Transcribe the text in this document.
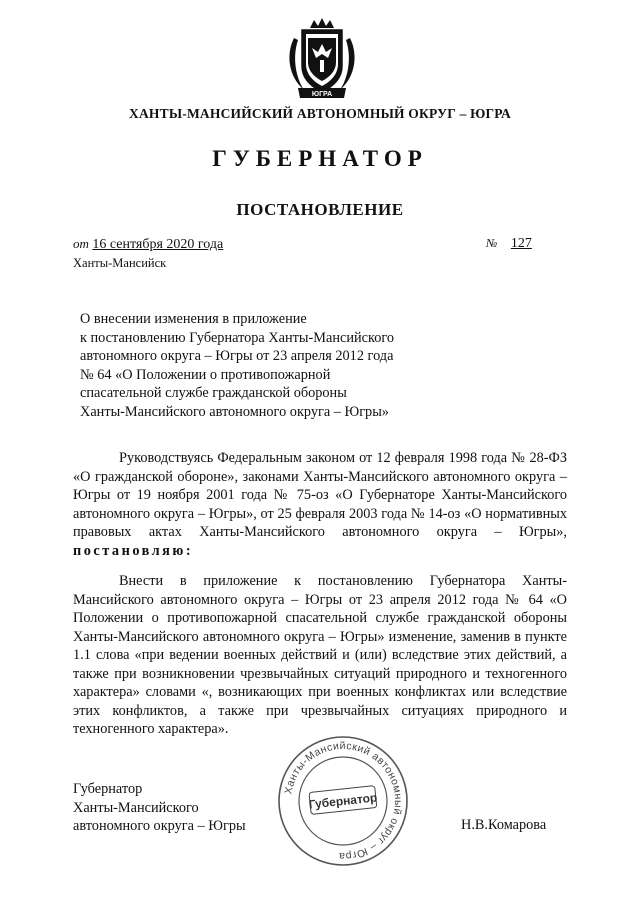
ЮГРА
ХАНТЫ-МАНСИЙСКИЙ АВТОНОМНЫЙ ОКРУГ – ЮГРА
ГУБЕРНАТОР
ПОСТАНОВЛЕНИЕ
от 16 сентября 2020 года
Ханты-Мансийск
№ 127
О внесении изменения в приложение
к постановлению Губернатора Ханты-Мансийского
автономного округа – Югры от 23 апреля 2012 года
№ 64 «О Положении о противопожарной
спасательной службе гражданской обороны
Ханты-Мансийского автономного округа – Югры»
Руководствуясь Федеральным законом от 12 февраля 1998 года № 28-ФЗ «О гражданской обороне», законами Ханты-Мансийского автономного округа – Югры от 19 ноября 2001 года № 75-оз «О Губернаторе Ханты-Мансийского автономного округа – Югры», от 25 февраля 2003 года № 14-оз «О нормативных правовых актах Ханты-Мансийского автономного округа – Югры», постановляю:
Внести в приложение к постановлению Губернатора Ханты-Мансийского автономного округа – Югры от 23 апреля 2012 года № 64 «О Положении о противопожарной спасательной службе гражданской обороны Ханты-Мансийского автономного округа – Югры» изменение, заменив в пункте 1.1 слова «при ведении военных действий и (или) вследствие этих действий, а также при возникновении чрезвычайных ситуаций природного и техногенного характера» словами «, возникающих при военных конфликтах или вследствие этих конфликтов, а также при чрезвычайных ситуациях природного и техногенного характера».
Губернатор
Ханты-Мансийского
автономного округа – Югры
Ханты-Мансийский автономный округ – Югра
Губернатор
Н.В.Комарова
